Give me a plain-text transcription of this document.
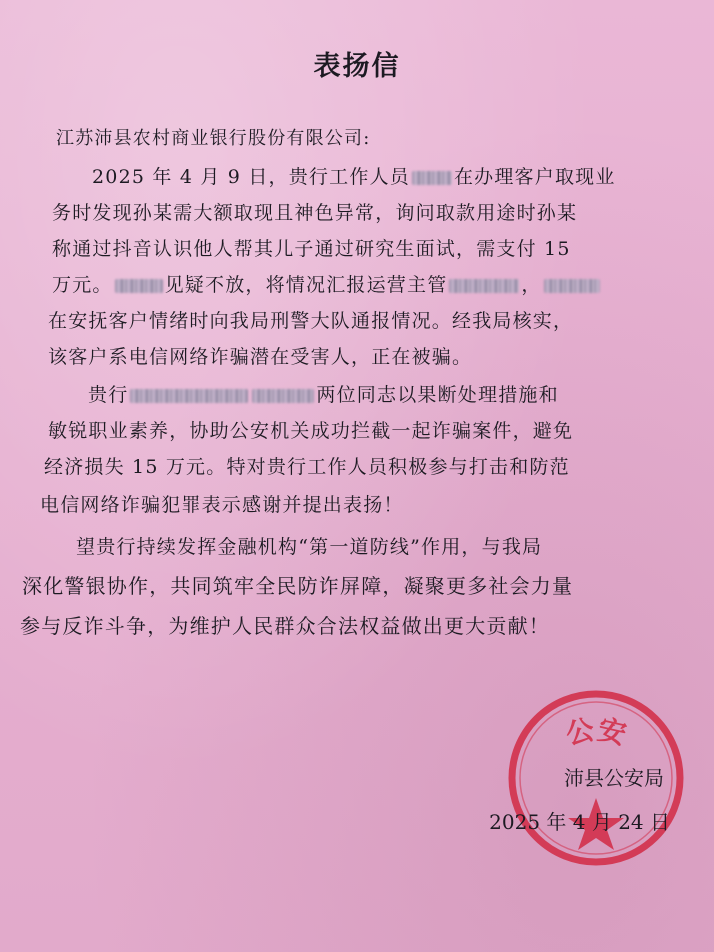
表扬信
江苏沛县农村商业银行股份有限公司:
2025 年 4 月 9 日，贵行工作人员 在办理客户取现业
务时发现孙某需大额取现且神色异常，询问取款用途时孙某
称通过抖音认识他人帮其儿子通过研究生面试，需支付 15
万元。	见疑不放，将情况汇报运营主管	，
在安抚客户情绪时向我局刑警大队通报情况。经我局核实，
该客户系电信网络诈骗潜在受害人，正在被骗。
贵行	两位同志以果断处理措施和
敏锐职业素养，协助公安机关成功拦截一起诈骗案件，避免
经济损失 15 万元。特对贵行工作人员积极参与打击和防范
电信网络诈骗犯罪表示感谢并提出表扬！
望贵行持续发挥金融机构“第一道防线”作用，与我局
深化警银协作，共同筑牢全民防诈屏障，凝聚更多社会力量
参与反诈斗争，为维护人民群众合法权益做出更大贡献！
公安
沛县公安局
2025 年 4 月 24 日
